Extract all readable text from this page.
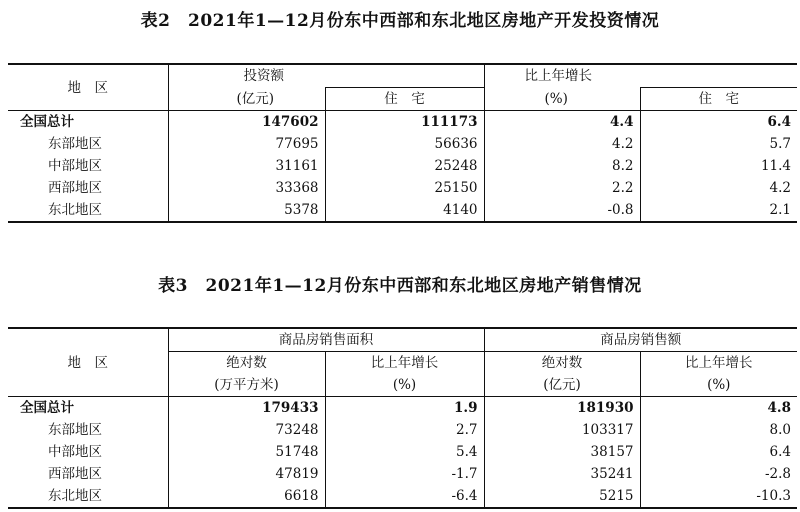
表2　2021年1—12月份东中西部和东北地区房地产开发投资情况
地　区	投资额		比上年增长	
	(亿元)	住　宅	(%)	住　宅
全国总计	147602	111173	4.4	6.4
东部地区	77695	56636	4.2	5.7
中部地区	31161	25248	8.2	11.4
西部地区	33368	25150	2.2	4.2
东北地区	5378	4140	-0.8	2.1
表3　2021年1—12月份东中西部和东北地区房地产销售情况
地　区	商品房销售面积		商品房销售额	
	绝对数	比上年增长	绝对数	比上年增长
	(万平方米)	(%)	(亿元)	(%)
全国总计	179433	1.9	181930	4.8
东部地区	73248	2.7	103317	8.0
中部地区	51748	5.4	38157	6.4
西部地区	47819	-1.7	35241	-2.8
东北地区	6618	-6.4	5215	-10.3
